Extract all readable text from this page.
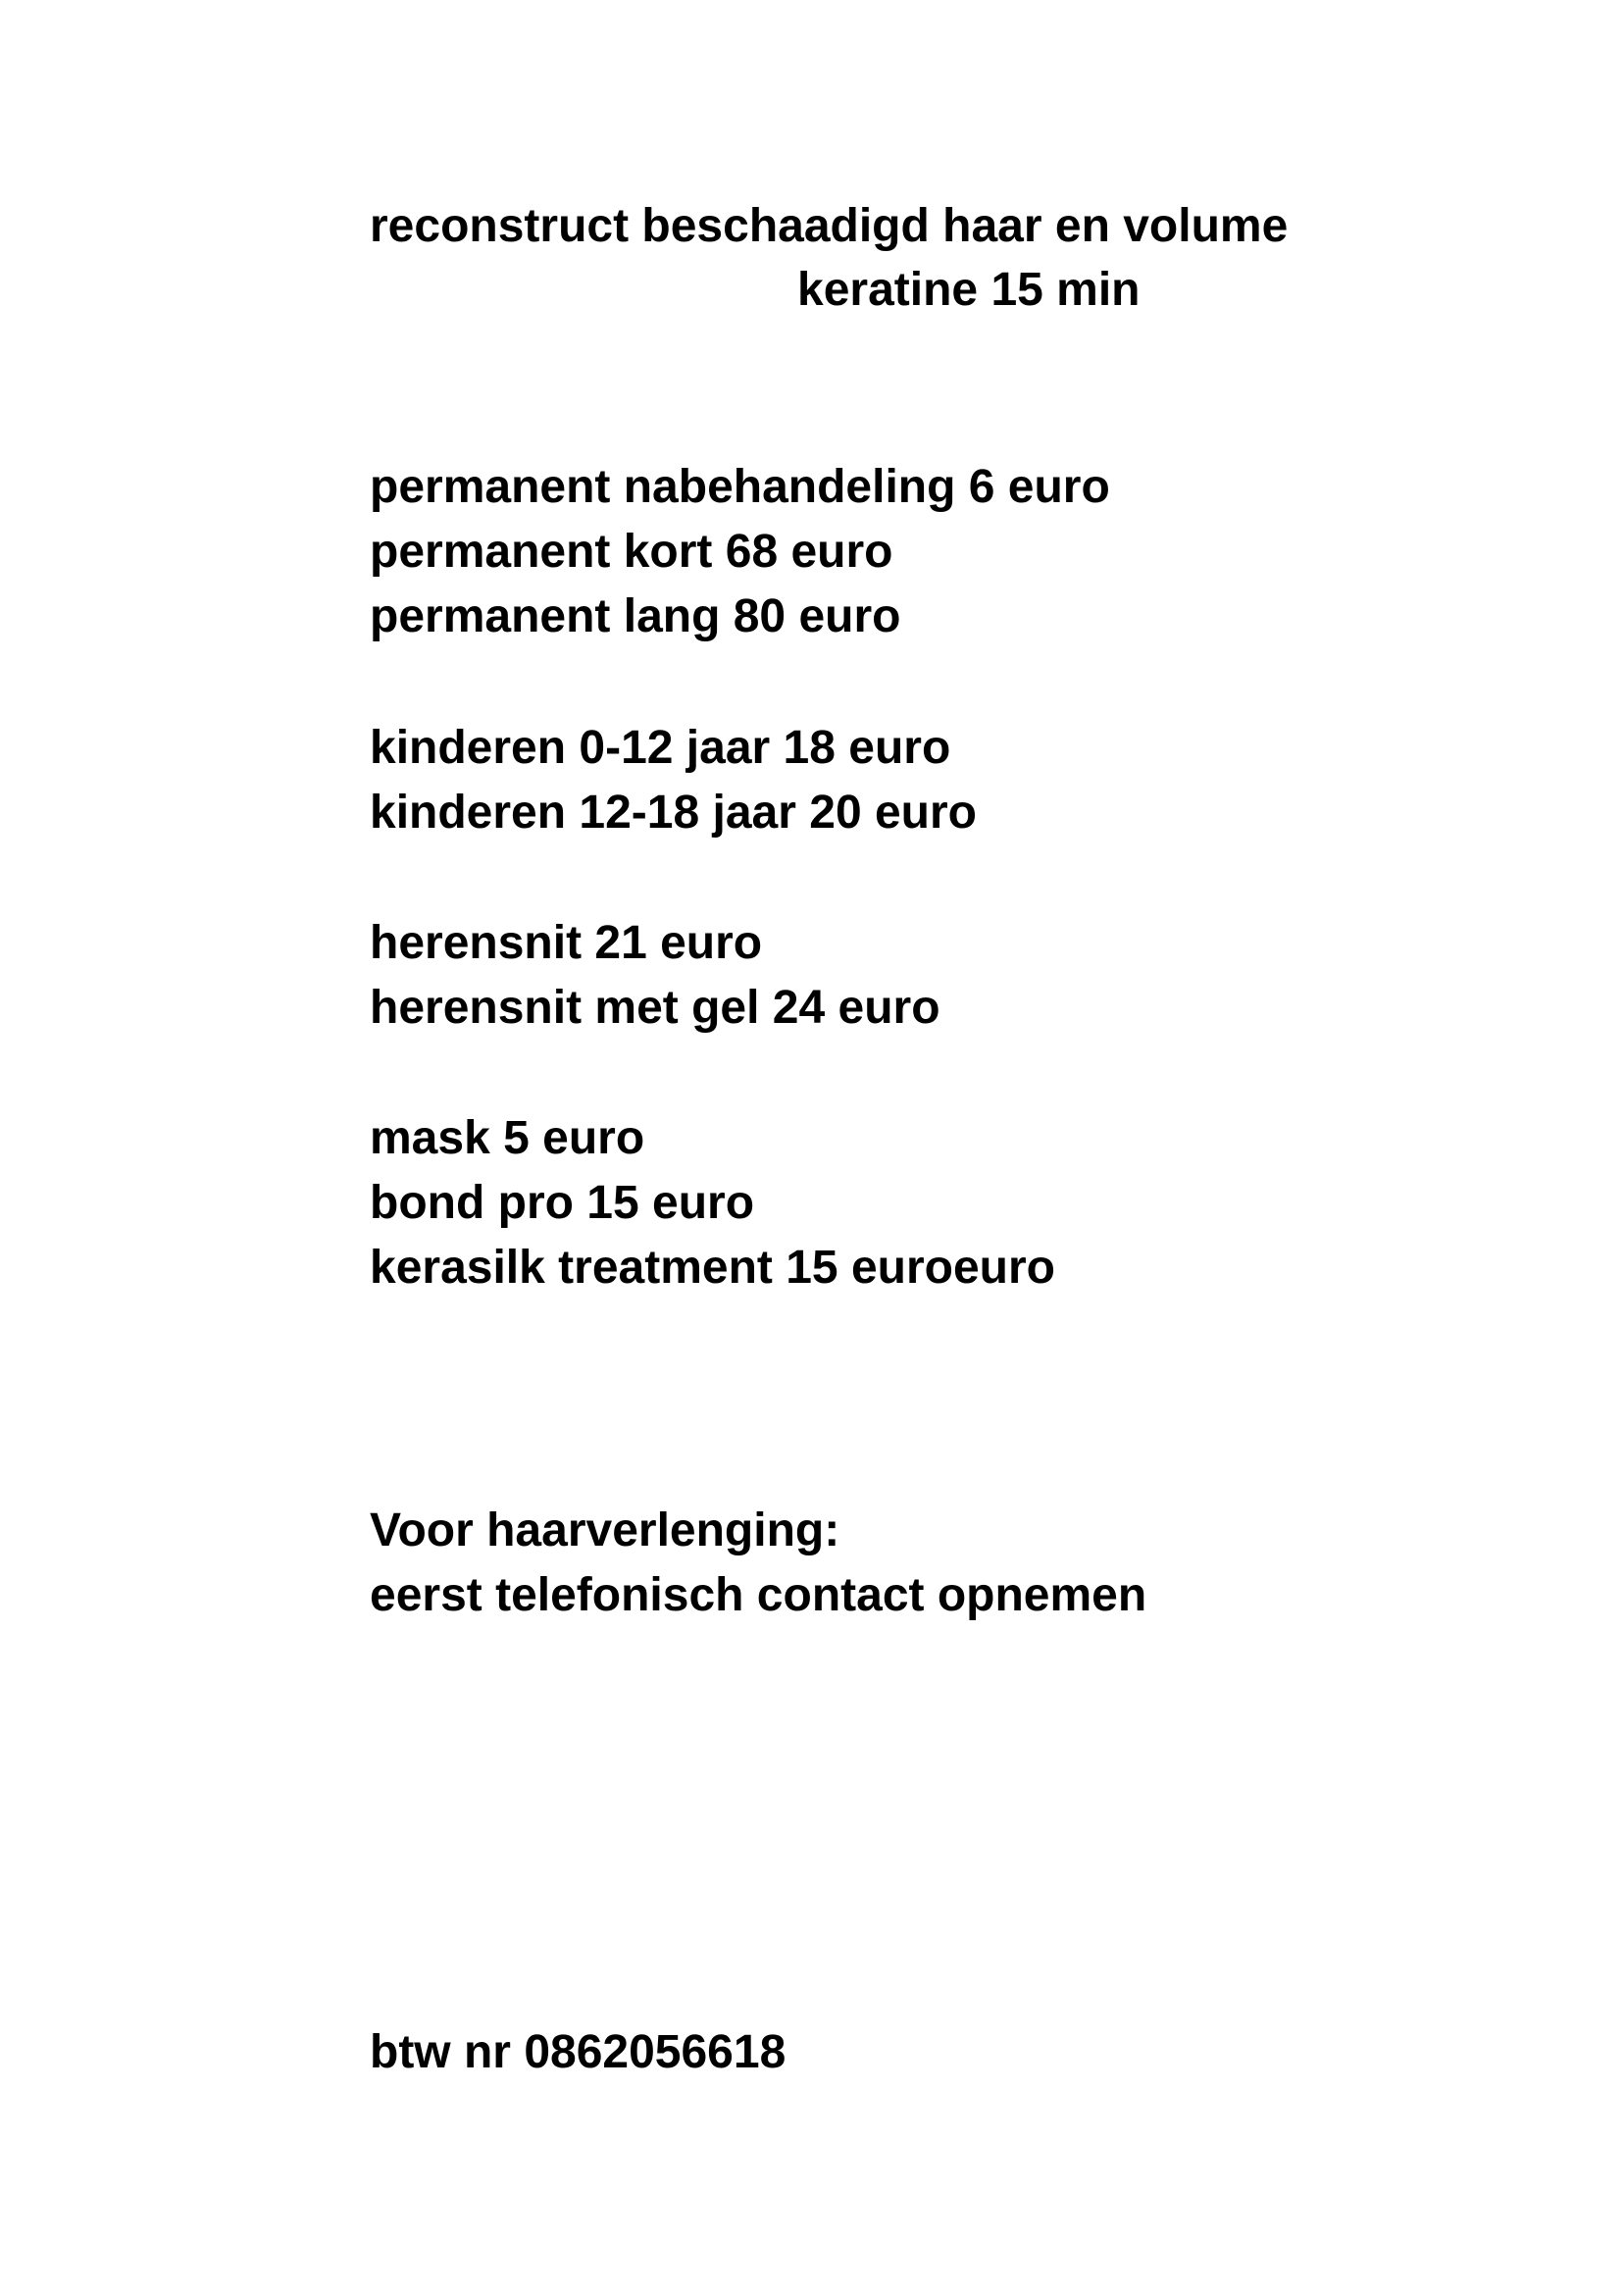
reconstruct beschaadigd haar en volume
keratine 15 min
permanent nabehandeling 6 euro
permanent kort 68 euro
permanent lang 80 euro
kinderen 0-12 jaar 18 euro
kinderen 12-18 jaar 20 euro
herensnit 21 euro
herensnit met gel 24 euro
mask 5 euro
bond pro 15 euro
kerasilk treatment 15 euroeuro
Voor haarverlenging:
eerst telefonisch contact opnemen
btw nr 0862056618
